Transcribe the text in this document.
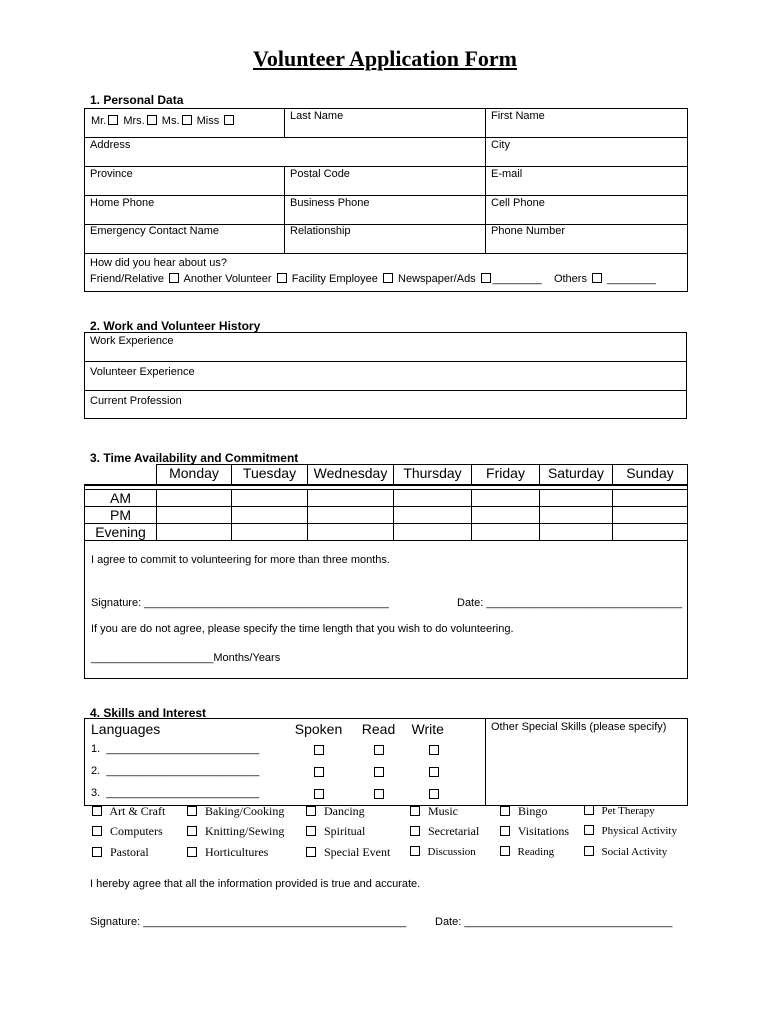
Volunteer Application Form
1. Personal Data
Mr. Mrs. Ms. Miss	Last Name	First Name

Address		City

Province	Postal Code	E-mail

Home Phone	Business Phone	Cell Phone

Emergency Contact Name	Relationship	Phone Number

How did you hear about us?
Friend/Relative Another Volunteer Facility Employee Newspaper/Ads ________ Others ________		
2. Work and Volunteer History
Work Experience

Volunteer Experience

Current Profession
3. Time Availability and Commitment
	Monday	Tuesday	Wednesday	Thursday	Friday	Saturday	Sunday

AM							
PM							
Evening							

I agree to commit to volunteering for more than three months.
Signature: ________________________________________ Date: ________________________________
If you are do not agree, please specify the time length that you wish to do volunteering.
____________________Months/Years							
4. Skills and Interest
Languages	Spoken	Read	Write	Other Special Skills (please specify)

1. _________________________				

2. _________________________				

3. _________________________				

Art & Craft	Baking/Cooking	Dancing	Music	Bingo	Pet Therapy
Computers	Knitting/Sewing	Spiritual	Secretarial	Visitations	Physical Activity
Pastoral	Horticultures	Special Event	Discussion	Reading	Social Activity
I hereby agree that all the information provided is true and accurate.
Signature: ___________________________________________	Date: __________________________________
